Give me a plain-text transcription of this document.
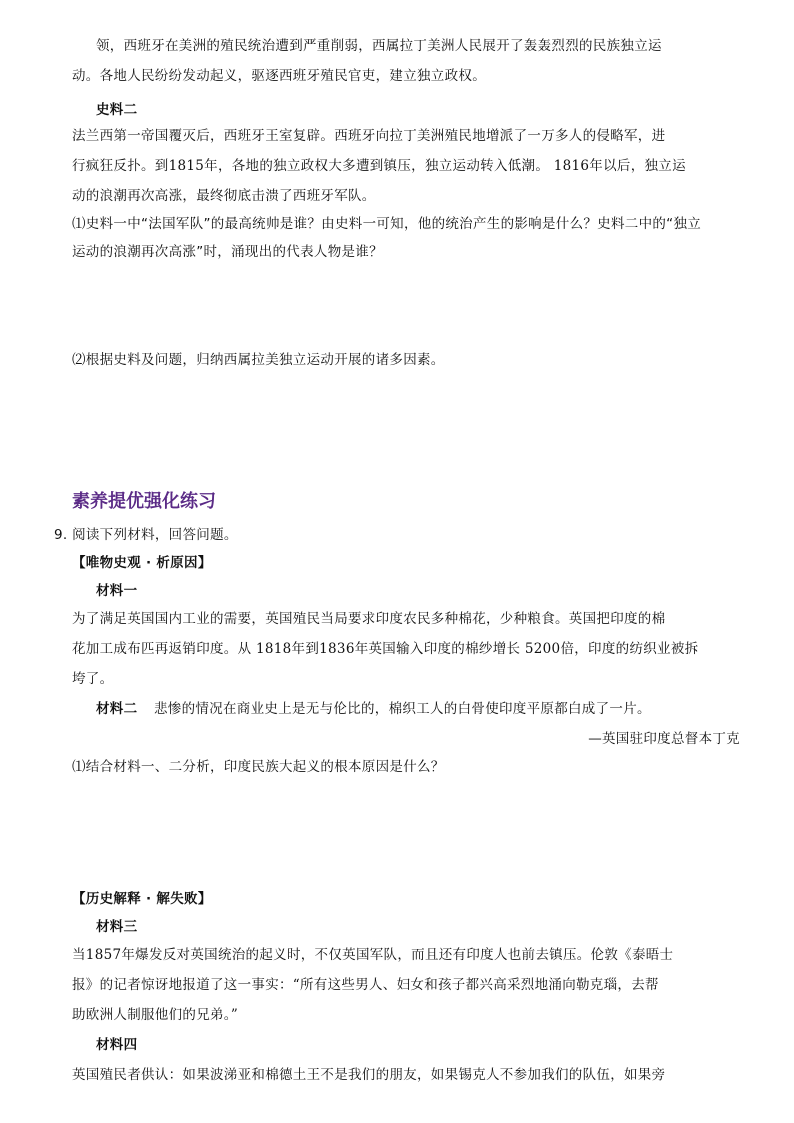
领，西班牙在美洲的殖民统治遭到严重削弱，西属拉丁美洲人民展开了轰轰烈烈的民族独立运
动。各地人民纷纷发动起义，驱逐西班牙殖民官吏，建立独立政权。
史料二
法兰西第一帝国覆灭后，西班牙王室复辟。西班牙向拉丁美洲殖民地增派了一万多人的侵略军，进
行疯狂反扑。到1815年，各地的独立政权大多遭到镇压，独立运动转入低潮。 1816年以后，独立运
动的浪潮再次高涨，最终彻底击溃了西班牙军队。
⑴史料一中“法国军队”的最高统帅是谁？由史料一可知，他的统治产生的影响是什么？史料二中的“独立
运动的浪潮再次高涨”时，涌现出的代表人物是谁？
⑵根据史料及问题，归纳西属拉美独立运动开展的诸多因素。
素养提优强化练习
9. 阅读下列材料，回答问题。
【唯物史观 · 析原因】
材料一
为了满足英国国内工业的需要，英国殖民当局要求印度农民多种棉花，少种粮食。英国把印度的棉
花加工成布匹再返销印度。从 1818年到1836年英国输入印度的棉纱增长 5200倍，印度的纺织业被拆
垮了。
材料二 悲惨的情况在商业史上是无与伦比的，棉织工人的白骨使印度平原都白成了一片。
—英国驻印度总督本丁克
⑴结合材料一、二分析，印度民族大起义的根本原因是什么？
【历史解释 · 解失败】
材料三
当1857年爆发反对英国统治的起义时，不仅英国军队，而且还有印度人也前去镇压。伦敦《泰晤士
报》的记者惊讶地报道了这一事实：“所有这些男人、妇女和孩子都兴高采烈地涌向勒克瑙，去帮
助欧洲人制服他们的兄弟。”
材料四
英国殖民者供认：如果波涕亚和棉德土王不是我们的朋友，如果锡克人不参加我们的队伍，如果旁
